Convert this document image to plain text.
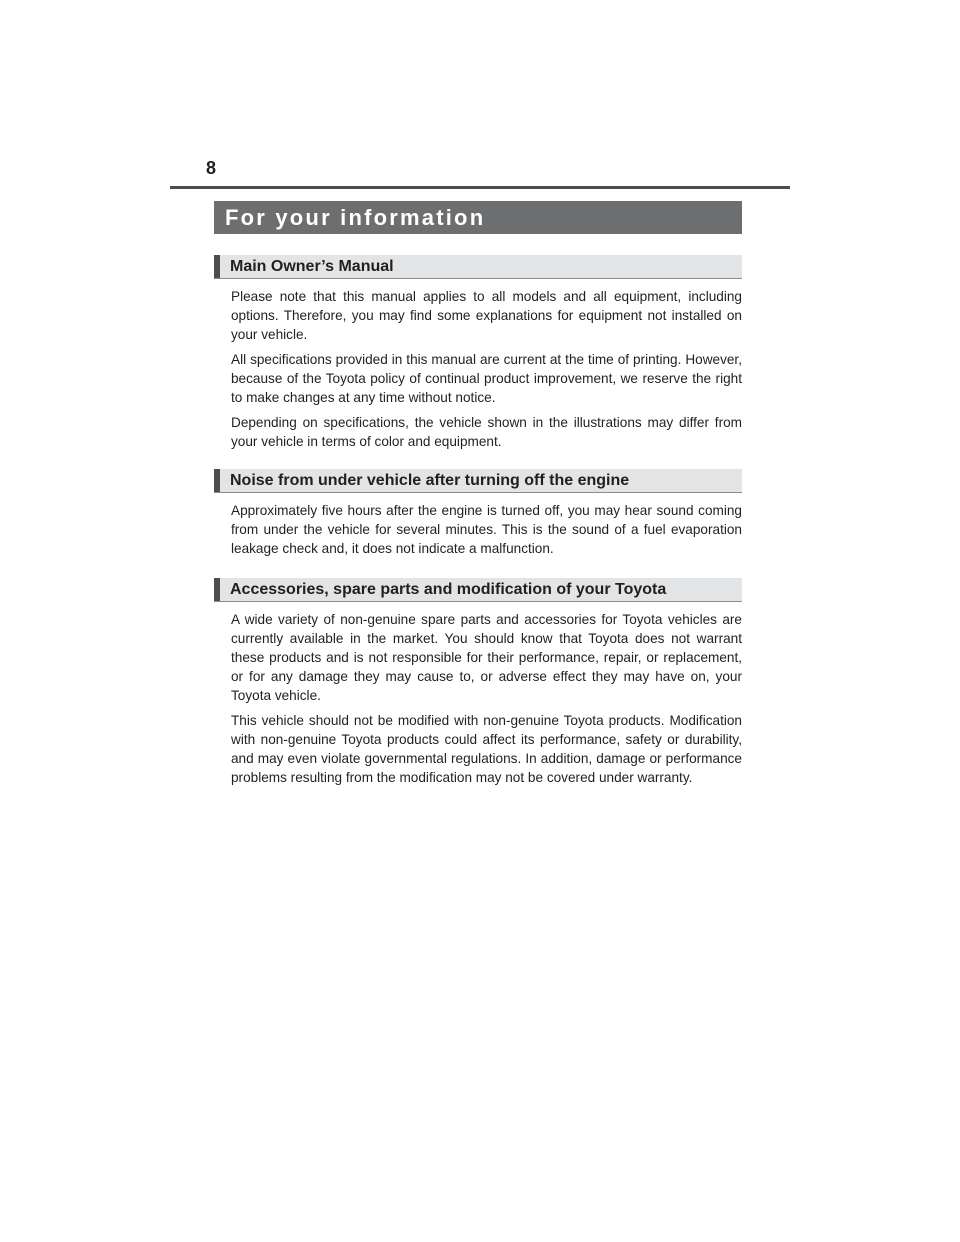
8
For your information
Main Owner’s Manual

Please note that this manual applies to all models and all equipment, including options. Therefore, you may find some explanations for equipment not installed on your vehicle.

All specifications provided in this manual are current at the time of printing. However, because of the Toyota policy of continual product improvement, we reserve the right to make changes at any time without notice.

Depending on specifications, the vehicle shown in the illustrations may differ from your vehicle in terms of color and equipment.

Noise from under vehicle after turning off the engine

Approximately five hours after the engine is turned off, you may hear sound coming from under the vehicle for several minutes. This is the sound of a fuel evaporation leakage check and, it does not indicate a malfunction.

Accessories, spare parts and modification of your Toyota

A wide variety of non-genuine spare parts and accessories for Toyota vehicles are currently available in the market. You should know that Toyota does not warrant these products and is not responsible for their performance, repair, or replacement, or for any damage they may cause to, or adverse effect they may have on, your Toyota vehicle.

This vehicle should not be modified with non-genuine Toyota products. Modification with non-genuine Toyota products could affect its performance, safety or durability, and may even violate governmental regulations. In addition, damage or performance problems resulting from the modification may not be covered under warranty.
